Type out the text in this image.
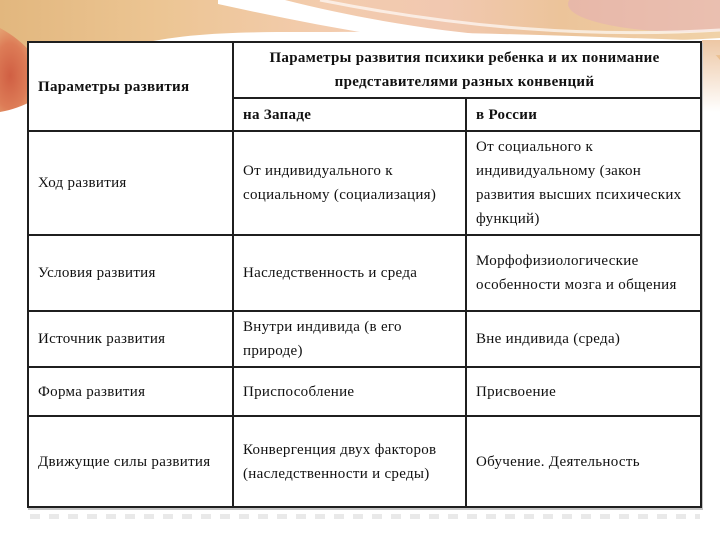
Параметры развития	Параметры развития психики ребенка и их понимание представителями разных конвенций	
	на Западе	в России
Ход развития	От индивидуального к социальному (социализация)	От социального к индивидуальному (закон развития высших психических функций)
Условия развития	Наследственность и среда	Морфофизиологические особенности мозга и общения
Источник развития	Внутри индивида (в его природе)	Вне индивида (среда)
Форма развития	Приспособление	Присвоение
Движущие силы развития	Конвергенция двух факторов (наследственности и среды)	Обучение. Деятельность
